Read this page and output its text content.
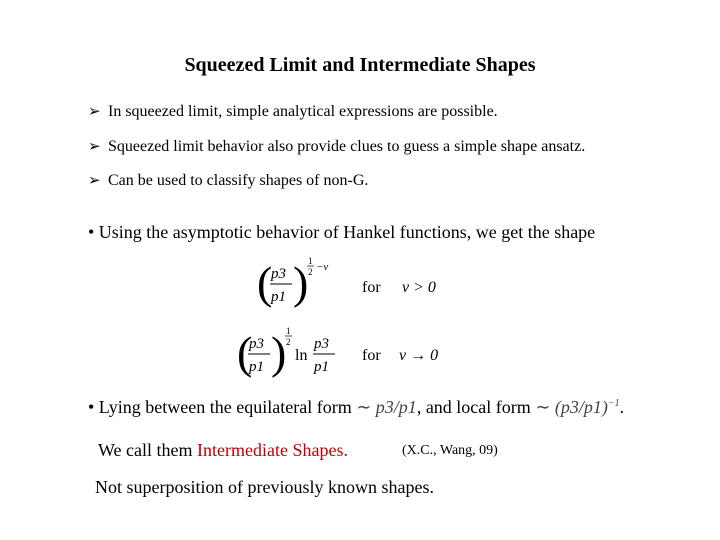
Squeezed Limit and Intermediate Shapes
➢ In squeezed limit, simple analytical expressions are possible.
➢ Squeezed limit behavior also provide clues to guess a simple shape ansatz.
➢ Can be used to classify shapes of non-G.
• Using the asymptotic behavior of Hankel functions, we get the shape
(
p3
p1 ) 1
2 −ν
for ν > 0
(
p3
p1 ) 1
2
ln
p3
p1
for ν → 0
• Lying between the equilateral form ∼ p3/p1, and local form ∼ $(p3/p1)^{-1}$.
We call them Intermediate Shapes.	(X.C., Wang, 09)
Not superposition of previously known shapes.
